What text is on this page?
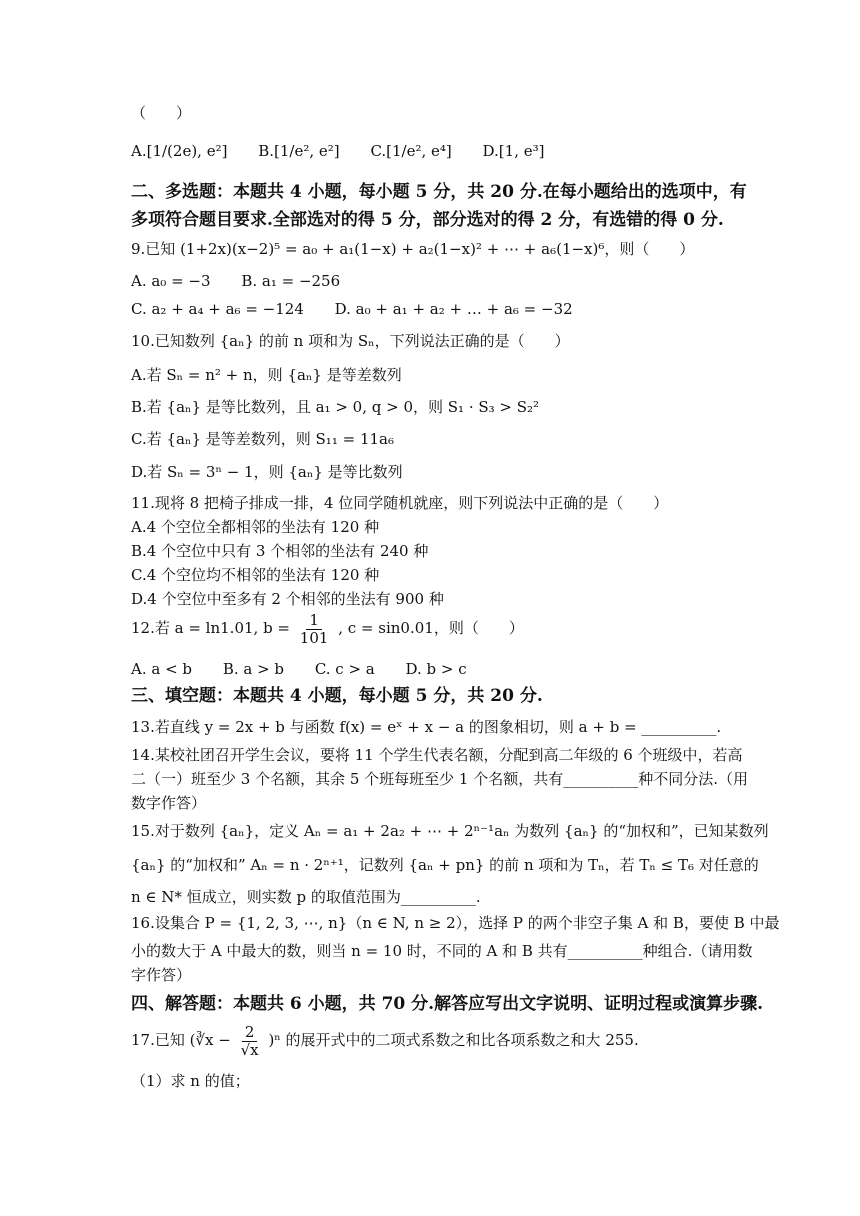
（　　）
A.[1/(2e), e²] B.[1/e², e²] C.[1/e², e⁴] D.[1, e³]
二、多选题：本题共 4 小题，每小题 5 分，共 20 分.在每小题给出的选项中，有
多项符合题目要求.全部选对的得 5 分，部分选对的得 2 分，有选错的得 0 分.
9.已知 (1+2x)(x−2)⁵ = a₀ + a₁(1−x) + a₂(1−x)² + ⋯ + a₆(1−x)⁶，则（　　）
A. a₀ = −3 B. a₁ = −256
C. a₂ + a₄ + a₆ = −124 D. a₀ + a₁ + a₂ + … + a₆ = −32
10.已知数列 {aₙ} 的前 n 项和为 Sₙ，下列说法正确的是（　　）
A.若 Sₙ = n² + n，则 {aₙ} 是等差数列
B.若 {aₙ} 是等比数列，且 a₁ > 0, q > 0，则 S₁ · S₃ > S₂²
C.若 {aₙ} 是等差数列，则 S₁₁ = 11a₆
D.若 Sₙ = 3ⁿ − 1，则 {aₙ} 是等比数列
11.现将 8 把椅子排成一排，4 位同学随机就座，则下列说法中正确的是（　　）
A.4 个空位全都相邻的坐法有 120 种
B.4 个空位中只有 3 个相邻的坐法有 240 种
C.4 个空位均不相邻的坐法有 120 种
D.4 个空位中至多有 2 个相邻的坐法有 900 种
12.若 a = ln1.01, $b = \frac{1}{101}$ , c = sin0.01，则（　　）
A. a < b B. a > b C. c > a D. b > c
三、填空题：本题共 4 小题，每小题 5 分，共 20 分.
13.若直线 y = 2x + b 与函数 f(x) = eˣ + x − a 的图象相切，则 a + b = __________.
14.某校社团召开学生会议，要将 11 个学生代表名额，分配到高二年级的 6 个班级中，若高
二（一）班至少 3 个名额，其余 5 个班每班至少 1 个名额，共有__________种不同分法.（用
数字作答）
15.对于数列 {aₙ}，定义 Aₙ = a₁ + 2a₂ + ⋯ + 2ⁿ⁻¹aₙ 为数列 {aₙ} 的“加权和”，已知某数列
{aₙ} 的“加权和” Aₙ = n · 2ⁿ⁺¹，记数列 {aₙ + pn} 的前 n 项和为 Tₙ，若 Tₙ ≤ T₆ 对任意的
n ∈ N* 恒成立，则实数 p 的取值范围为__________.
16.设集合 P = {1, 2, 3, ⋯, n}（n ∈ N, n ≥ 2），选择 P 的两个非空子集 A 和 B，要使 B 中最
小的数大于 A 中最大的数，则当 n = 10 时，不同的 A 和 B 共有__________种组合.（请用数
字作答）
四、解答题：本题共 6 小题，共 70 分.解答应写出文字说明、证明过程或演算步骤.
17.已知 (∛x − $\frac{2}{√x} )^n$ 的展开式中的二项式系数之和比各项系数之和大 255.
（1）求 n 的值；
